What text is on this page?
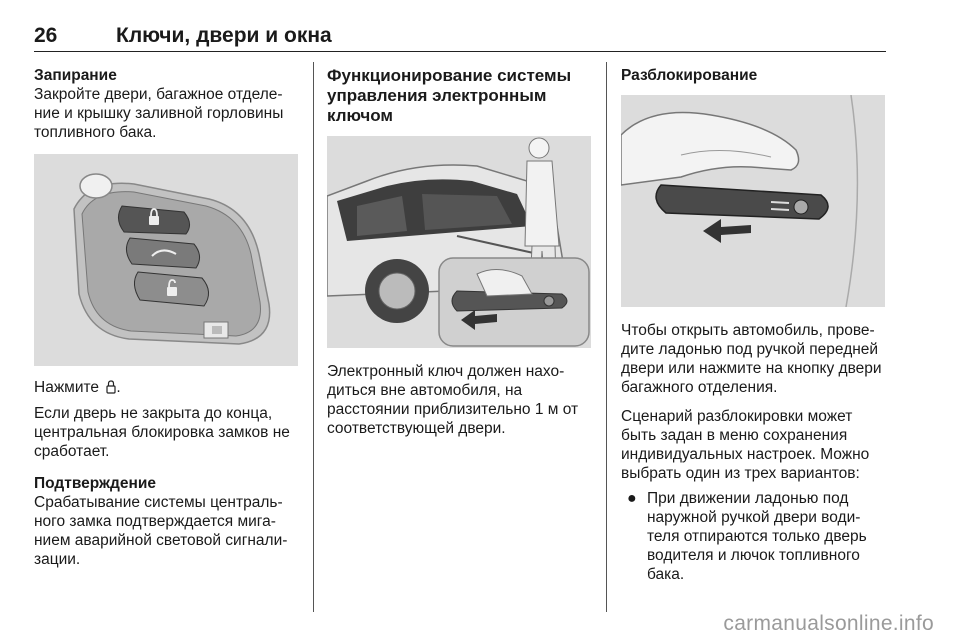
26	Ключи, двери и окна
Запирание

Закройте двери, багажное отделе-ние и крышку заливной горловины топливного бака.

Нажмите .

Если дверь не закрыта до конца, центральная блокировка замков не сработает.

Подтверждение

Срабатывание системы централь-ного замка подтверждается мига-нием аварийной световой сигнали-зации.

Функционирование системы управления электронным ключом

Электронный ключ должен нахо-диться вне автомобиля, на расстоянии приблизительно 1 м от соответствующей двери.

Разблокирование

Чтобы открыть автомобиль, прове-дите ладонью под ручкой передней двери или нажмите на кнопку двери багажного отделения.

Сценарий разблокировки может быть задан в меню сохранения индивидуальных настроек. Можно выбрать один из трех вариантов:

● При движении ладонью под наружной ручкой двери води-теля отпираются только дверь водителя и лючок топливного бака.
carmanualsonline.info
